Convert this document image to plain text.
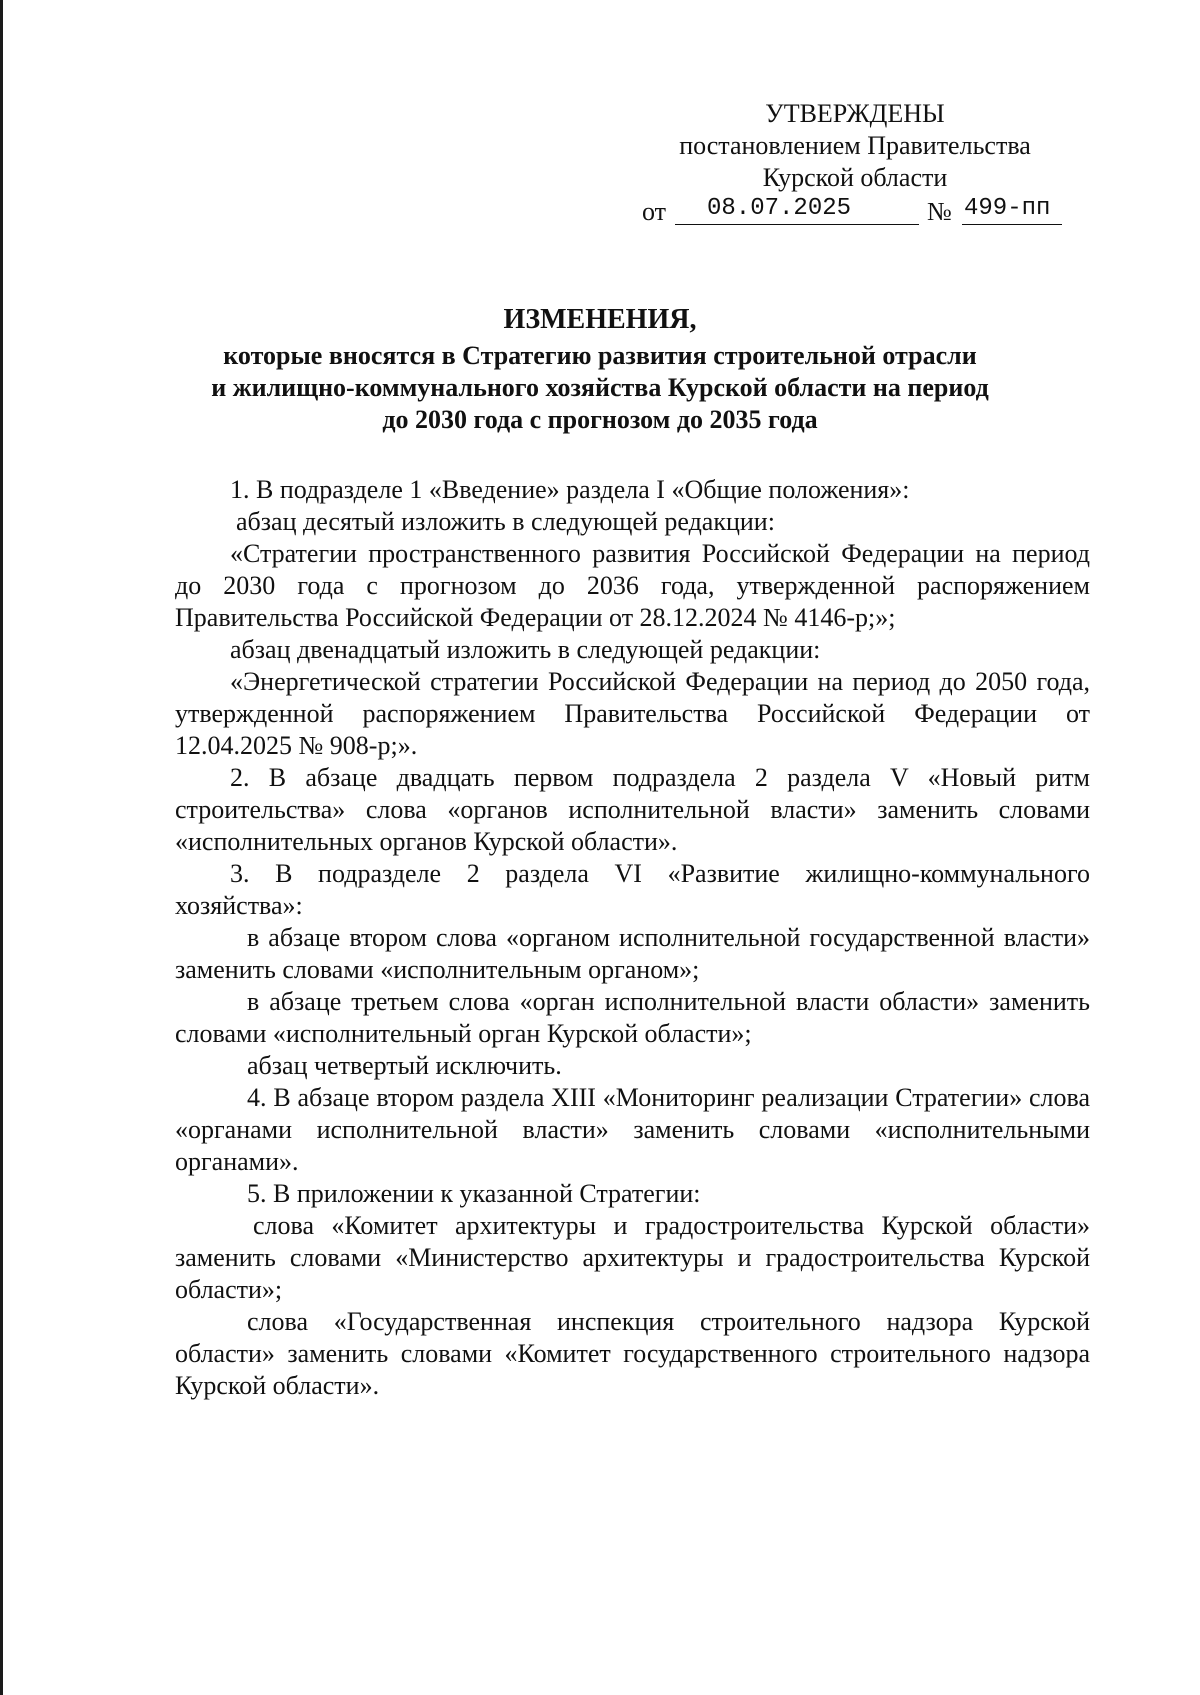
УТВЕРЖДЕНЫ
постановлением Правительства
Курской области
от	08.07.2025	№ 499-пп
ИЗМЕНЕНИЯ,
которые вносятся в Стратегию развития строительной отрасли
и жилищно-коммунального хозяйства Курской области на период
до 2030 года с прогнозом до 2035 года

1. В подразделе 1 «Введение» раздела I «Общие положения»:

абзац десятый изложить в следующей редакции:

«Стратегии пространственного развития Российской Федерации на период до 2030 года с прогнозом до 2036 года, утвержденной распоряжением Правительства Российской Федерации от 28.12.2024 № 4146-р;»;

абзац двенадцатый изложить в следующей редакции:

«Энергетической стратегии Российской Федерации на период до 2050 года, утвержденной распоряжением Правительства Российской Федерации от 12.04.2025 № 908-р;».

2. В абзаце двадцать первом подраздела 2 раздела V «Новый ритм строительства» слова «органов исполнительной власти» заменить словами «исполнительных органов Курской области».

3. В подразделе 2 раздела VI «Развитие жилищно-коммунального хозяйства»:

в абзаце втором слова «органом исполнительной государственной власти» заменить словами «исполнительным органом»;

в абзаце третьем слова «орган исполнительной власти области» заменить словами «исполнительный орган Курской области»;

абзац четвертый исключить.

4. В абзаце втором раздела XIII «Мониторинг реализации Стратегии» слова «органами исполнительной власти» заменить словами «исполнительными органами».

5. В приложении к указанной Стратегии:

слова «Комитет архитектуры и градостроительства Курской области» заменить словами «Министерство архитектуры и градостроительства Курской области»;

слова «Государственная инспекция строительного надзора Курской области» заменить словами «Комитет государственного строительного надзора Курской области».
